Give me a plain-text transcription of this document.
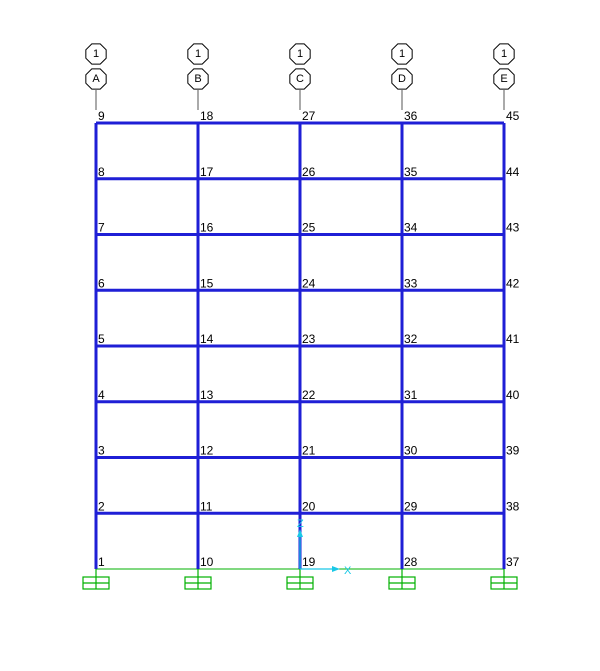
1
A
1
B
1
C
1
D
1
E
X
Z
1
2
3
4
5
6
7
8
9
10
11
12
13
14
15
16
17
18
19
20
21
22
23
24
25
26
27
28
29
30
31
32
33
34
35
36
37
38
39
40
41
42
43
44
45
